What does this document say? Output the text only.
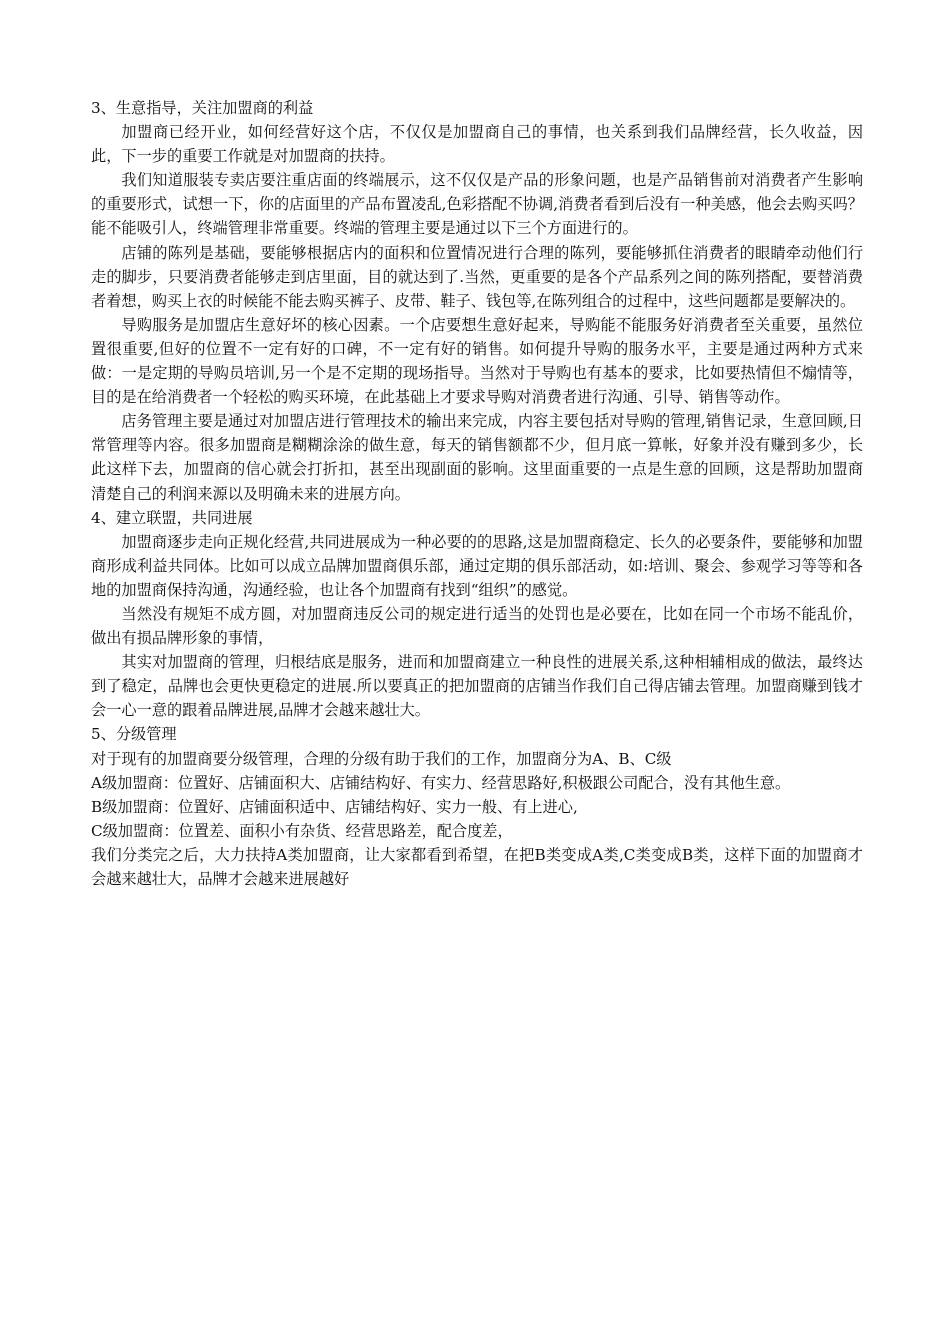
3、生意指导，关注加盟商的利益

加盟商已经开业，如何经营好这个店，不仅仅是加盟商自己的事情，也关系到我们品牌经营，长久收益，因此，下一步的重要工作就是对加盟商的扶持。

我们知道服装专卖店要注重店面的终端展示，这不仅仅是产品的形象问题，也是产品销售前对消费者产生影响的重要形式，试想一下，你的店面里的产品布置凌乱,色彩搭配不协调,消费者看到后没有一种美感，他会去购买吗？能不能吸引人，终端管理非常重要。终端的管理主要是通过以下三个方面进行的。

店铺的陈列是基础，要能够根据店内的面积和位置情况进行合理的陈列，要能够抓住消费者的眼睛牵动他们行走的脚步，只要消费者能够走到店里面，目的就达到了.当然，更重要的是各个产品系列之间的陈列搭配，要替消费者着想，购买上衣的时候能不能去购买裤子、皮带、鞋子、钱包等,在陈列组合的过程中，这些问题都是要解决的。

导购服务是加盟店生意好坏的核心因素。一个店要想生意好起来，导购能不能服务好消费者至关重要，虽然位置很重要,但好的位置不一定有好的口碑，不一定有好的销售。如何提升导购的服务水平，主要是通过两种方式来做：一是定期的导购员培训,另一个是不定期的现场指导。当然对于导购也有基本的要求，比如要热情但不煽情等，目的是在给消费者一个轻松的购买环境，在此基础上才要求导购对消费者进行沟通、引导、销售等动作。

店务管理主要是通过对加盟店进行管理技术的输出来完成，内容主要包括对导购的管理,销售记录，生意回顾,日常管理等内容。很多加盟商是糊糊涂涂的做生意，每天的销售额都不少，但月底一算帐，好象并没有赚到多少，长此这样下去，加盟商的信心就会打折扣，甚至出现副面的影响。这里面重要的一点是生意的回顾，这是帮助加盟商清楚自己的利润来源以及明确未来的进展方向。

4、建立联盟，共同进展

加盟商逐步走向正规化经营,共同进展成为一种必要的的思路,这是加盟商稳定、长久的必要条件，要能够和加盟商形成利益共同体。比如可以成立品牌加盟商俱乐部，通过定期的俱乐部活动，如:培训、聚会、参观学习等等和各地的加盟商保持沟通，沟通经验，也让各个加盟商有找到“组织”的感觉。

当然没有规矩不成方圆，对加盟商违反公司的规定进行适当的处罚也是必要在，比如在同一个市场不能乱价，做出有损品牌形象的事情，

其实对加盟商的管理，归根结底是服务，进而和加盟商建立一种良性的进展关系,这种相辅相成的做法，最终达到了稳定，品牌也会更快更稳定的进展.所以要真正的把加盟商的店铺当作我们自己得店铺去管理。加盟商赚到钱才会一心一意的跟着品牌进展,品牌才会越来越壮大。

5、分级管理

对于现有的加盟商要分级管理，合理的分级有助于我们的工作，加盟商分为A、B、C级

A级加盟商：位置好、店铺面积大、店铺结构好、有实力、经营思路好,积极跟公司配合，没有其他生意。

B级加盟商：位置好、店铺面积适中、店铺结构好、实力一般、有上进心,

C级加盟商：位置差、面积小有杂货、经营思路差，配合度差，

我们分类完之后，大力扶持A类加盟商，让大家都看到希望，在把B类变成A类,C类变成B类，这样下面的加盟商才会越来越壮大，品牌才会越来进展越好
